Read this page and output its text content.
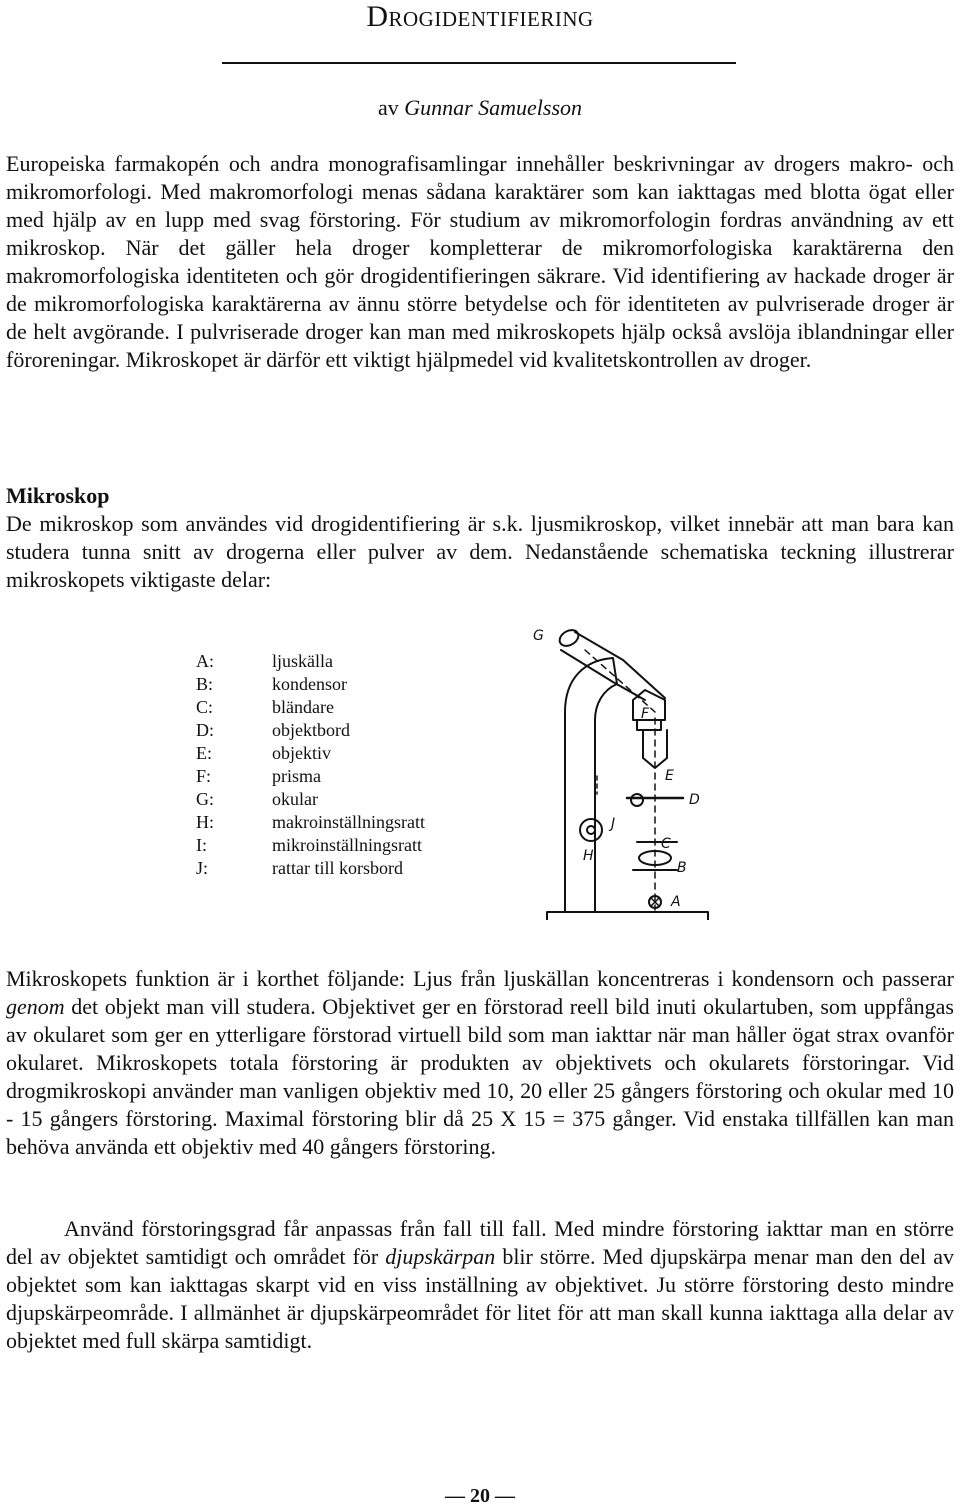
Drogidentifiering
av Gunnar Samuelsson

Europeiska farmakopén och andra monografisamlingar innehåller beskrivningar av drogers makro- och mikromorfologi. Med makromorfologi menas sådana karaktärer som kan iakttagas med blotta ögat eller med hjälp av en lupp med svag förstoring. För studium av mikromorfologin fordras användning av ett mikroskop. När det gäller hela droger kompletterar de mikromorfologiska karaktärerna den makromorfologiska identiteten och gör drogidentifieringen säkrare. Vid identifiering av hackade droger är de mikromorfologiska karaktärerna av ännu större betydelse och för identiteten av pulvriserade droger är de helt avgörande. I pulvriserade droger kan man med mikroskopets hjälp också avslöja iblandningar eller föroreningar. Mikroskopet är därför ett viktigt hjälpmedel vid kvalitetskontrollen av droger.

Mikroskop

De mikroskop som användes vid drogidentifiering är s.k. ljusmikroskop, vilket innebär att man bara kan studera tunna snitt av drogerna eller pulver av dem. Nedanstående schematiska teckning illustrerar mikroskopets viktigaste delar:

A:	ljuskälla
B:	kondensor
C:	bländare
D:	objektbord
E:	objektiv
F:	prisma
G:	okular
H:	makroinställningsratt
I:	mikroinställningsratt
J:	rattar till korsbord
G
F
E
D
J
C
B
H
A

Mikroskopets funktion är i korthet följande: Ljus från ljuskällan koncentreras i kondensorn och passerar genom det objekt man vill studera. Objektivet ger en förstorad reell bild inuti okulartuben, som uppfångas av okularet som ger en ytterligare förstorad virtuell bild som man iakttar när man håller ögat strax ovanför okularet. Mikroskopets totala förstoring är produkten av objektivets och okularets förstoringar. Vid drogmikroskopi använder man vanligen objektiv med 10, 20 eller 25 gångers förstoring och okular med 10 - 15 gångers förstoring. Maximal förstoring blir då 25 X 15 = 375 gånger. Vid enstaka tillfällen kan man behöva använda ett objektiv med 40 gångers förstoring.

Använd förstoringsgrad får anpassas från fall till fall. Med mindre förstoring iakttar man en större del av objektet samtidigt och området för djupskärpan blir större. Med djupskärpa menar man den del av objektet som kan iakttagas skarpt vid en viss inställning av objektivet. Ju större förstoring desto mindre djupskärpeområde. I allmänhet är djupskärpeområdet för litet för att man skall kunna iakttaga alla delar av objektet med full skärpa samtidigt.

— 20 —
